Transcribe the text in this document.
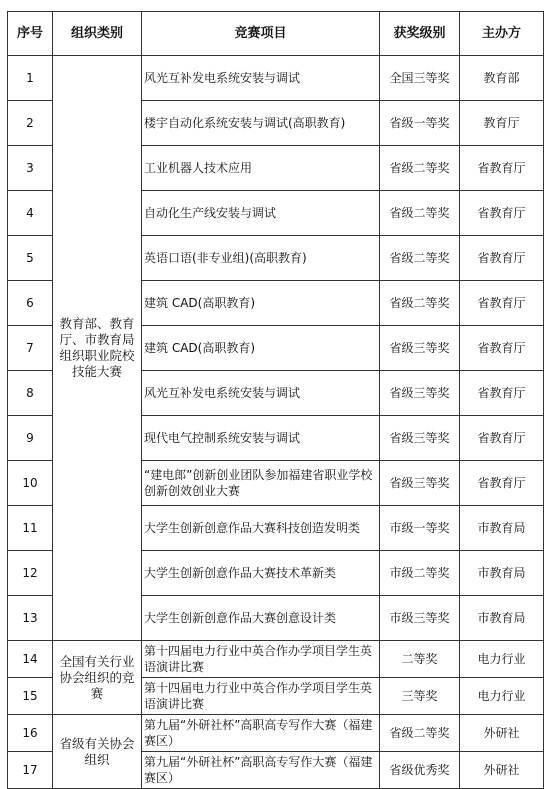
序号	组织类别	竞赛项目	获奖级别	主办方
1	教育部、教育厅、市教育局组织职业院校技能大赛	风光互补发电系统安装与调试	全国三等奖	教育部
2		楼宇自动化系统安装与调试(高职教育)	省级一等奖	教育厅
3		工业机器人技术应用	省级二等奖	省教育厅
4		自动化生产线安装与调试	省级二等奖	省教育厅
5		英语口语(非专业组)(高职教育)	省级二等奖	省教育厅
6		建筑 CAD(高职教育)	省级二等奖	省教育厅
7		建筑 CAD(高职教育)	省级三等奖	省教育厅
8		风光互补发电系统安装与调试	省级三等奖	省教育厅
9		现代电气控制系统安装与调试	省级三等奖	省教育厅
10		“建电郎”创新创业团队参加福建省职业学校创新创效创业大赛	省级三等奖	省教育厅
11		大学生创新创意作品大赛科技创造发明类	市级一等奖	市教育局
12		大学生创新创意作品大赛技术革新类	市级二等奖	市教育局
13		大学生创新创意作品大赛创意设计类	市级三等奖	市教育局
14	全国有关行业协会组织的竞赛	第十四届电力行业中英合作办学项目学生英语演讲比赛	二等奖	电力行业
15		第十四届电力行业中英合作办学项目学生英语演讲比赛	三等奖	电力行业
16	省级有关协会组织	第九届“外研社杯”高职高专写作大赛（福建赛区）	省级二等奖	外研社
17		第九届“外研社杯”高职高专写作大赛（福建赛区）	省级优秀奖	外研社
